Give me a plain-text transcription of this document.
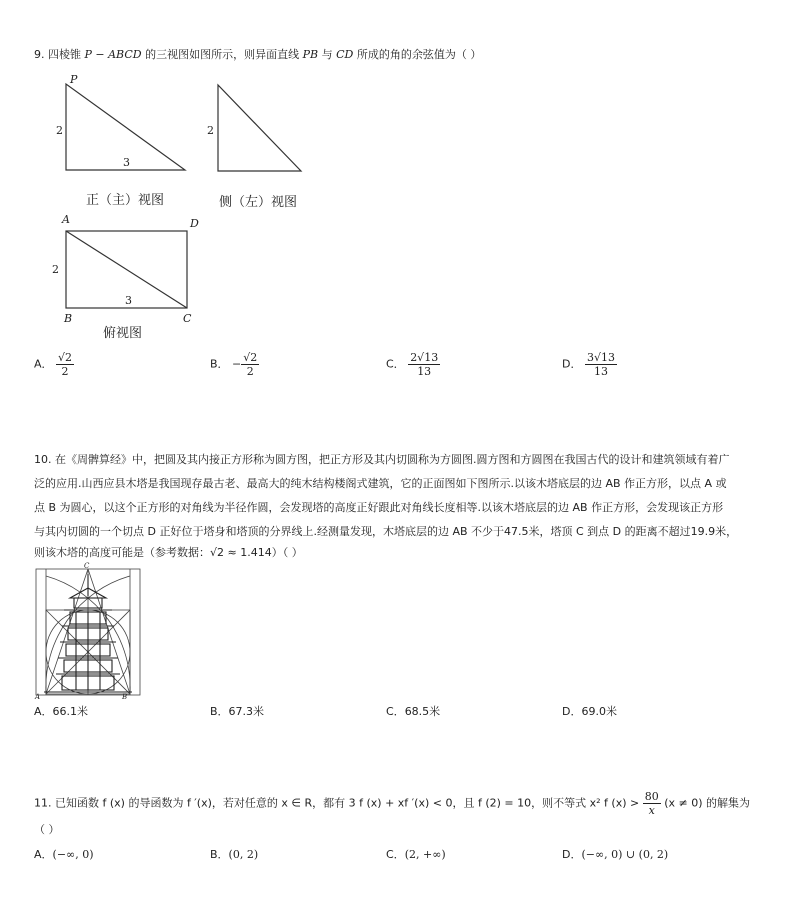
9. 四棱锥 P − ABCD 的三视图如图所示，则异面直线 PB 与 CD 所成的角的余弦值为（ ）
P
2
3
正（主）视图
2
侧（左）视图
A	D
B	C
2
3
俯视图
A． $\frac{√2}{2}$	B． − $\frac{√2}{2}$	C． $\frac{2√13}{13}$	D． $\frac{3√13}{13}$
10. 在《周髀算经》中，把圆及其内接正方形称为圆方图，把正方形及其内切圆称为方圆图.圆方图和方圆图在我国古代的设计和建筑领域有着广
泛的应用.山西应县木塔是我国现存最古老、最高大的纯木结构楼阁式建筑，它的正面图如下图所示.以该木塔底层的边 AB 作正方形，以点 A 或
点 B 为圆心，以这个正方形的对角线为半径作圆，会发现塔的高度正好跟此对角线长度相等.以该木塔底层的边 AB 作正方形，会发现该正方形
与其内切圆的一个切点 D 正好位于塔身和塔顶的分界线上.经测量发现，木塔底层的边 AB 不少于47.5米，塔顶 C 到点 D 的距离不超过19.9米，
则该木塔的高度可能是（参考数据：√2 ≈ 1.414）（ ）
C
A	B
A．66.1米	B．67.3米	C．68.5米	D．69.0米
11. 已知函数 f (x) 的导函数为 f ′(x)，若对任意的 x ∈ R，都有 3 f (x) + xf ′(x) < 0，且 f (2) = 10，则不等式 x² f $(x) > \frac{80}{x} (x \ne 0)$ 的解集为
（ ）
A．(−∞, 0)	B．(0, 2)	C．(2, +∞)	D．(−∞, 0) ∪ (0, 2)
